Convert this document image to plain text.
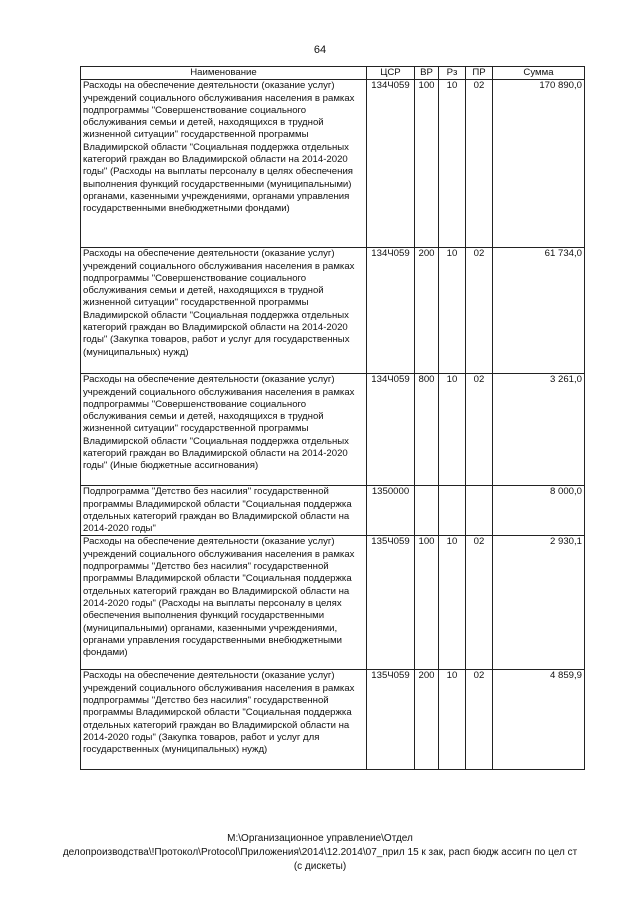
64
Наименование	ЦСР	ВР	Рз	ПР	Сумма
Расходы на обеспечение деятельности (оказание услуг) учреждений социального обслуживания населения в рамках подпрограммы "Совершенствование социального обслуживания семьи и детей, находящихся в трудной жизненной ситуации" государственной программы Владимирской области "Социальная поддержка отдельных категорий граждан во Владимирской области на 2014-2020 годы" (Расходы на выплаты персоналу в целях обеспечения выполнения функций государственными (муниципальными) органами, казенными учреждениями, органами управления государственными внебюджетными фондами)	134Ч059	100	10	02	170 890,0
Расходы на обеспечение деятельности (оказание услуг) учреждений социального обслуживания населения в рамках подпрограммы "Совершенствование социального обслуживания семьи и детей, находящихся в трудной жизненной ситуации" государственной программы Владимирской области "Социальная поддержка отдельных категорий граждан во Владимирской области на 2014-2020 годы" (Закупка товаров, работ и услуг для государственных (муниципальных) нужд)	134Ч059	200	10	02	61 734,0
Расходы на обеспечение деятельности (оказание услуг) учреждений социального обслуживания населения в рамках подпрограммы "Совершенствование социального обслуживания семьи и детей, находящихся в трудной жизненной ситуации" государственной программы Владимирской области "Социальная поддержка отдельных категорий граждан во Владимирской области на 2014-2020 годы" (Иные бюджетные ассигнования)	134Ч059	800	10	02	3 261,0
Подпрограмма "Детство без насилия" государственной программы Владимирской области "Социальная поддержка отдельных категорий граждан во Владимирской области на 2014-2020 годы"	1350000				8 000,0
Расходы на обеспечение деятельности (оказание услуг) учреждений социального обслуживания населения в рамках подпрограммы "Детство без насилия" государственной программы Владимирской области "Социальная поддержка отдельных категорий граждан во Владимирской области на 2014-2020 годы" (Расходы на выплаты персоналу в целях обеспечения выполнения функций государственными (муниципальными) органами, казенными учреждениями, органами управления государственными внебюджетными фондами)	135Ч059	100	10	02	2 930,1
Расходы на обеспечение деятельности (оказание услуг) учреждений социального обслуживания населения в рамках подпрограммы "Детство без насилия" государственной программы Владимирской области "Социальная поддержка отдельных категорий граждан во Владимирской области на 2014-2020 годы" (Закупка товаров, работ и услуг для государственных (муниципальных) нужд)	135Ч059	200	10	02	4 859,9
М:\Организационное управление\Отдел
делопроизводства\!Протокол\Protocol\Приложения\2014\12.2014\07_прил 15 к зак, расп бюдж ассигн по цел ст
(с дискеты)
